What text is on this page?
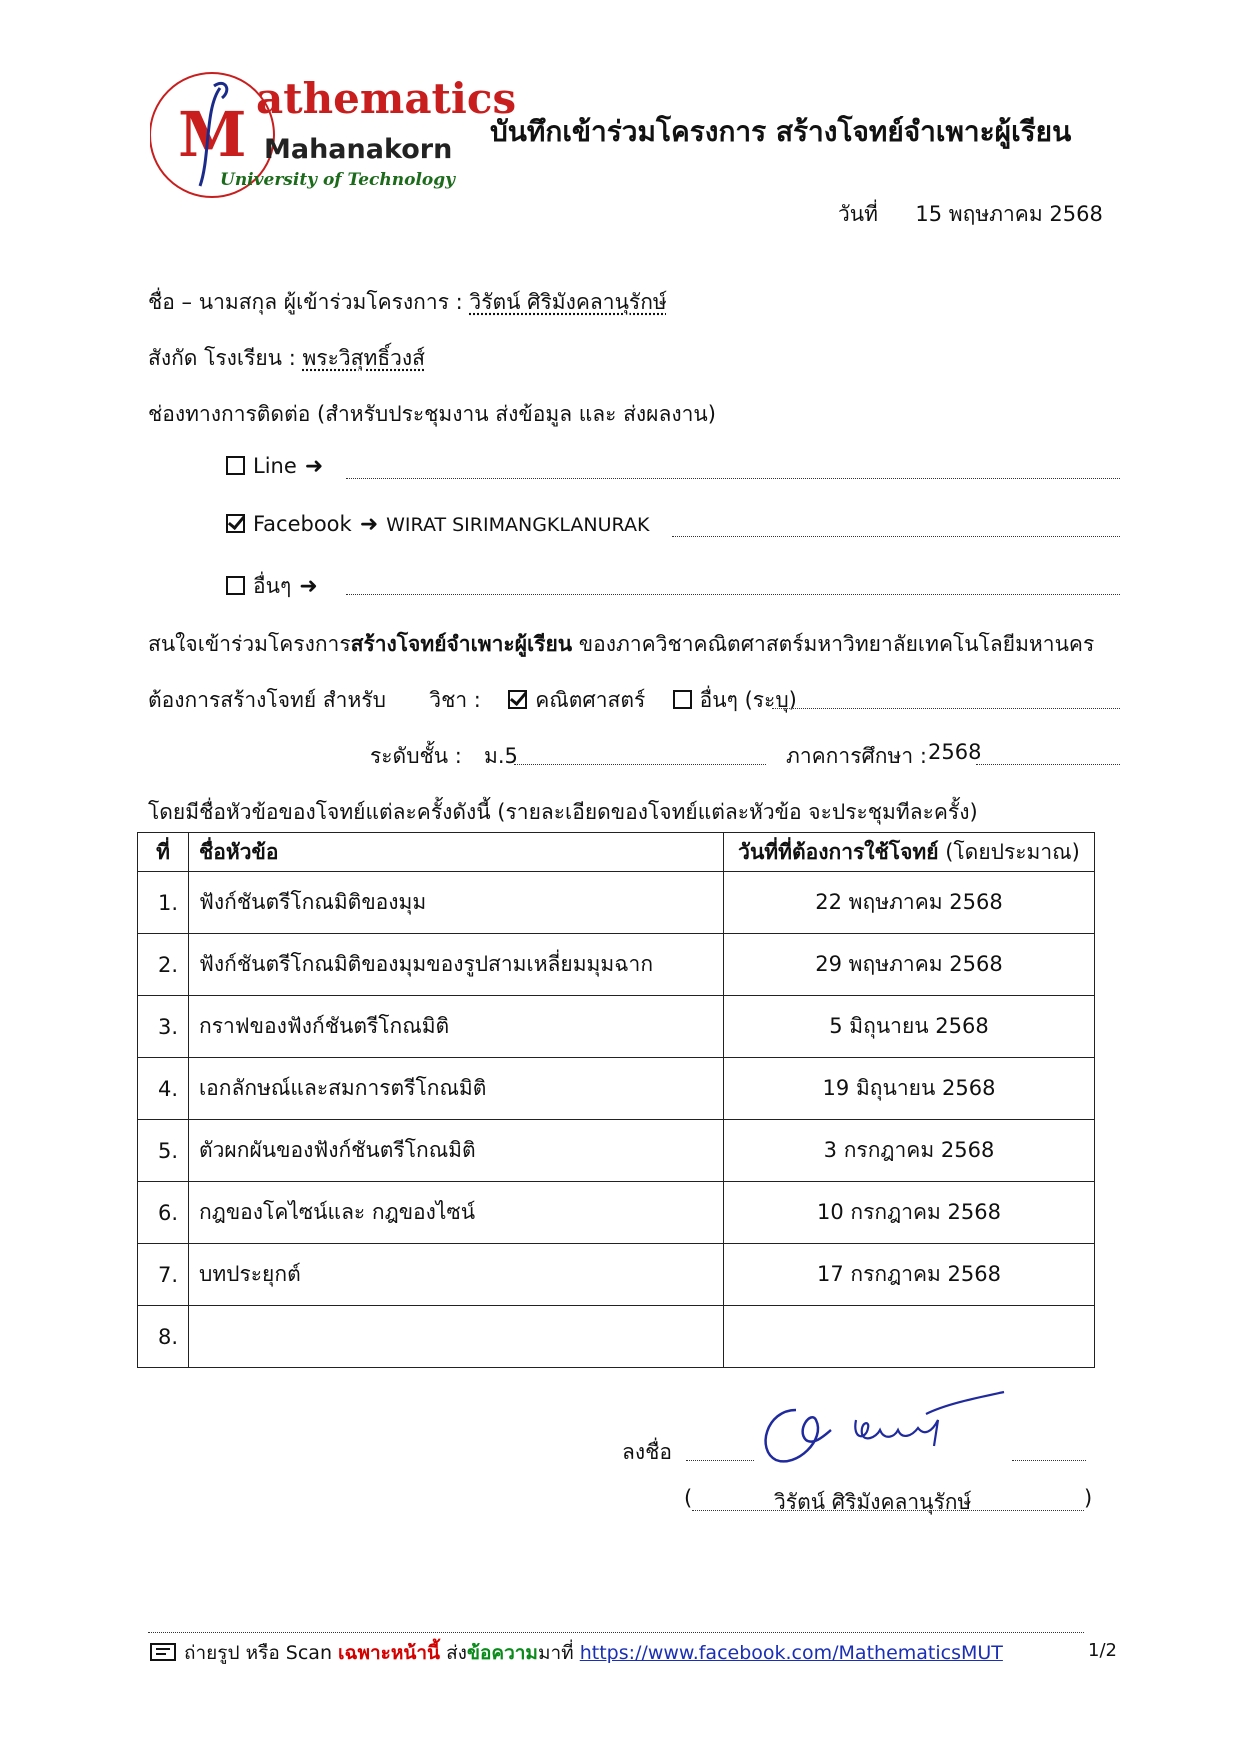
M athematics
Mahanakorn
University of Technology
บันทึกเข้าร่วมโครงการ สร้างโจทย์จำเพาะผู้เรียน
วันที่ 15 พฤษภาคม 2568
ชื่อ – นามสกุล ผู้เข้าร่วมโครงการ : วิรัตน์ ศิริมังคลานุรักษ์
สังกัด โรงเรียน : พระวิสุทธิ์วงส์
ช่องทางการติดต่อ (สำหรับประชุมงาน ส่งข้อมูล และ ส่งผลงาน)
Line ➜
Facebook ➜ WIRAT SIRIMANGKLANURAK
อื่นๆ ➜
สนใจเข้าร่วมโครงการสร้างโจทย์จำเพาะผู้เรียน ของภาควิชาคณิตศาสตร์มหาวิทยาลัยเทคโนโลยีมหานคร
ต้องการสร้างโจทย์ สำหรับ วิชา :	คณิตศาสตร์	อื่นๆ (ระบุ)
ระดับชั้น : ม.5	ภาคการศึกษา : 2568
โดยมีชื่อหัวข้อของโจทย์แต่ละครั้งดังนี้ (รายละเอียดของโจทย์แต่ละหัวข้อ จะประชุมทีละครั้ง)
ที่	ชื่อหัวข้อ	วันที่ที่ต้องการใช้โจทย์ (โดยประมาณ)
1.	ฟังก์ชันตรีโกณมิติของมุม	22 พฤษภาคม 2568
2.	ฟังก์ชันตรีโกณมิติของมุมของรูปสามเหลี่ยมมุมฉาก	29 พฤษภาคม 2568
3.	กราฟของฟังก์ชันตรีโกณมิติ	5 มิถุนายน 2568
4.	เอกลักษณ์และสมการตรีโกณมิติ	19 มิถุนายน 2568
5.	ตัวผกผันของฟังก์ชันตรีโกณมิติ	3 กรกฎาคม 2568
6.	กฎของโคไซน์และ กฎของไซน์	10 กรกฎาคม 2568
7.	บทประยุกต์	17 กรกฎาคม 2568
8.		
ลงชื่อ
(	วิรัตน์ ศิริมังคลานุรักษ์	)
ถ่ายรูป หรือ Scan เฉพาะหน้านี้ ส่งข้อความมาที่ https://www.facebook.com/MathematicsMUT	1/2
